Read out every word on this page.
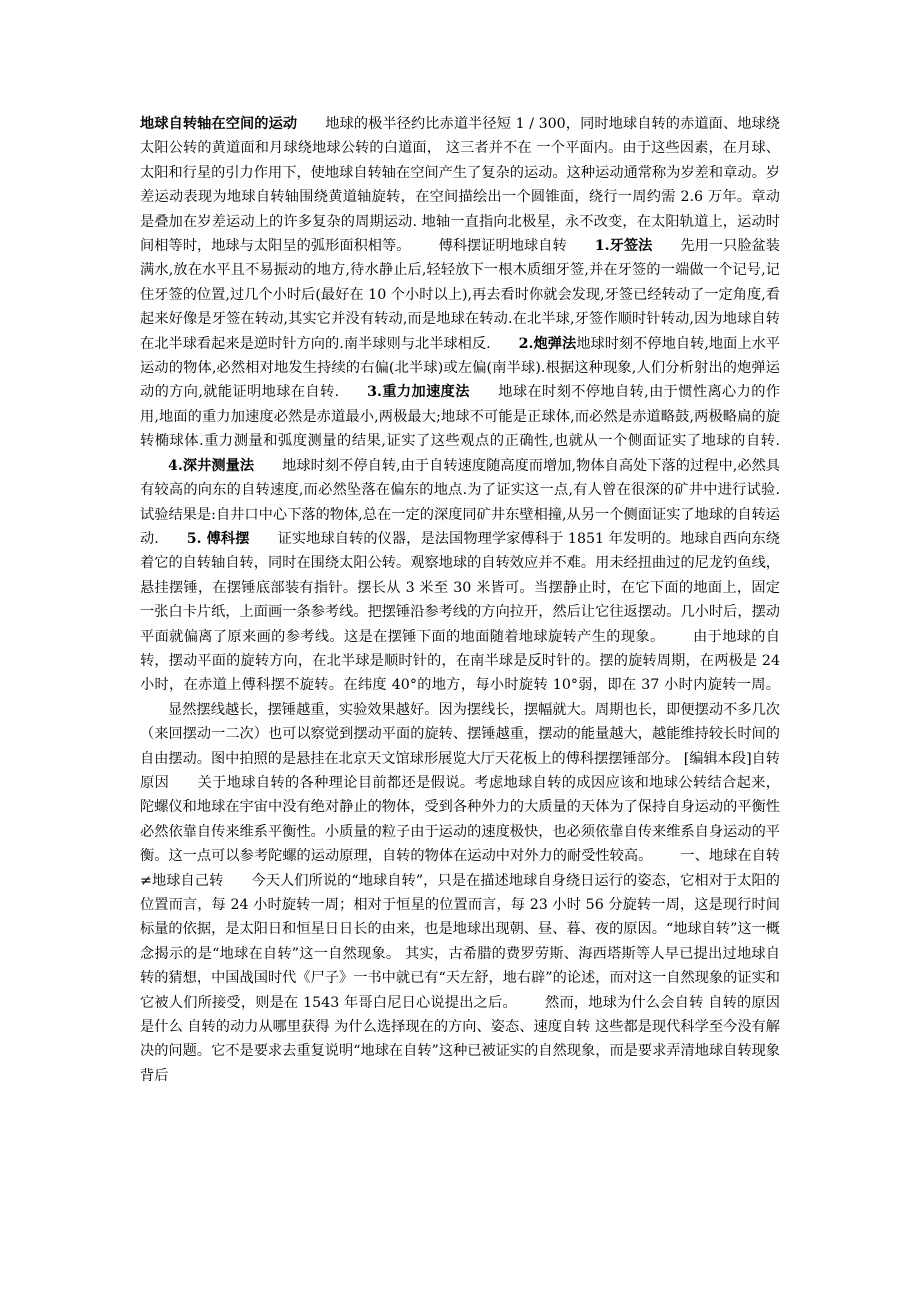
地球自转轴在空间的运动 地球的极半径约比赤道半径短 1 / 300，同时地球自转的赤道面、地球绕太阳公转的黄道面和月球绕地球公转的白道面， 这三者并不在 一个平面内。由于这些因素，在月球、太阳和行星的引力作用下，使地球自转轴在空间产生了复杂的运动。这种运动通常称为岁差和章动。岁差运动表现为地球自转轴围绕黄道轴旋转，在空间描绘出一个圆锥面，绕行一周约需 2.6 万年。章动是叠加在岁差运动上的许多复杂的周期运动. 地轴一直指向北极星，永不改变，在太阳轨道上，运动时间相等时，地球与太阳呈的弧形面积相等。 傅科摆证明地球自转 1.牙签法 先用一只脸盆装满水,放在水平且不易振动的地方,待水静止后,轻轻放下一根木质细牙签,并在牙签的一端做一个记号,记住牙签的位置,过几个小时后(最好在 10 个小时以上),再去看时你就会发现,牙签已经转动了一定角度,看起来好像是牙签在转动,其实它并没有转动,而是地球在转动.在北半球,牙签作顺时针转动,因为地球自转在北半球看起来是逆时针方向的.南半球则与北半球相反. 2.炮弹法地球时刻不停地自转,地面上水平运动的物体,必然相对地发生持续的右偏(北半球)或左偏(南半球).根据这种现象,人们分析射出的炮弹运动的方向,就能证明地球在自转. 3.重力加速度法 地球在时刻不停地自转,由于惯性离心力的作用,地面的重力加速度必然是赤道最小,两极最大;地球不可能是正球体,而必然是赤道略鼓,两极略扁的旋转椭球体.重力测量和弧度测量的结果,证实了这些观点的正确性,也就从一个侧面证实了地球的自转.4.深井测量法 地球时刻不停自转,由于自转速度随高度而增加,物体自高处下落的过程中,必然具有较高的向东的自转速度,而必然坠落在偏东的地点.为了证实这一点,有人曾在很深的矿井中进行试验.试验结果是:自井口中心下落的物体,总在一定的深度同矿井东壁相撞,从另一个侧面证实了地球的自转运动. 5. 傅科摆 证实地球自转的仪器，是法国物理学家傅科于 1851 年发明的。地球自西向东绕着它的自转轴自转，同时在围绕太阳公转。观察地球的自转效应并不难。用未经扭曲过的尼龙钓鱼线，悬挂摆锤，在摆锤底部装有指针。摆长从 3 米至 30 米皆可。当摆静止时，在它下面的地面上，固定一张白卡片纸，上面画一条参考线。把摆锤沿参考线的方向拉开，然后让它往返摆动。几小时后，摆动平面就偏离了原来画的参考线。这是在摆锤下面的地面随着地球旋转产生的现象。 由于地球的自转，摆动平面的旋转方向，在北半球是顺时针的，在南半球是反时针的。摆的旋转周期，在两极是 24 小时，在赤道上傅科摆不旋转。在纬度 40°的地方，每小时旋转 10°弱，即在 37 小时内旋转一周。显然摆线越长，摆锤越重，实验效果越好。因为摆线长，摆幅就大。周期也长，即便摆动不多几次（来回摆动一二次）也可以察觉到摆动平面的旋转、摆锤越重，摆动的能量越大，越能维持较长时间的自由摆动。图中拍照的是悬挂在北京天文馆球形展览大厅天花板上的傅科摆摆锤部分。 [编辑本段]自转原因 关于地球自转的各种理论目前都还是假说。考虑地球自转的成因应该和地球公转结合起来， 陀螺仪和地球在宇宙中没有绝对静止的物体，受到各种外力的大质量的天体为了保持自身运动的平衡性必然依靠自传来维系平衡性。小质量的粒子由于运动的速度极快，也必须依靠自传来维系自身运动的平衡。这一点可以参考陀螺的运动原理，自转的物体在运动中对外力的耐受性较高。 一、地球在自转≠地球自己转 今天人们所说的“地球自转”，只是在描述地球自身绕日运行的姿态，它相对于太阳的位置而言，每 24 小时旋转一周；相对于恒星的位置而言，每 23 小时 56 分旋转一周，这是现行时间标量的依据，是太阳日和恒星日日长的由来，也是地球出现朝、昼、暮、夜的原因。“地球自转”这一概念揭示的是“地球在自转”这一自然现象。 其实，古希腊的费罗劳斯、海西塔斯等人早已提出过地球自转的猜想，中国战国时代《尸子》一书中就已有“天左舒，地右辟”的论述，而对这一自然现象的证实和它被人们所接受，则是在 1543 年哥白尼日心说提出之后。 然而，地球为什么会自转 自转的原因是什么 自转的动力从哪里获得 为什么选择现在的方向、姿态、速度自转 这些都是现代科学至今没有解决的问题。它不是要求去重复说明“地球在自转”这种已被证实的自然现象，而是要求弄清地球自转现象背后
